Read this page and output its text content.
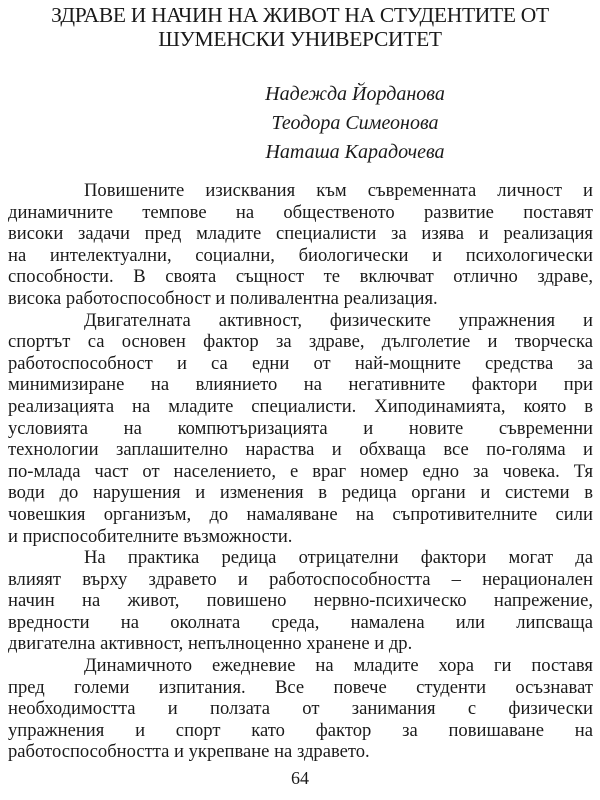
ЗДРАВЕ И НАЧИН НА ЖИВОТ НА СТУДЕНТИТЕ ОТ
ШУМЕНСКИ УНИВЕРСИТЕТ
Надежда Йорданова
Теодора Симеонова
Наташа Карадочева
Повишените изисквания към съвременната личност и
динамичните темпове на общественото развитие поставят
високи задачи пред младите специалисти за изява и реализация
на интелектуални, социални, биологически и психологически
способности. В своята същност те включват отлично здраве,
висока работоспособност и поливалентна реализация.
Двигателната активност, физическите упражнения и
спортът са основен фактор за здраве, дълголетие и творческа
работоспособност и са едни от най-мощните средства за
минимизиране на влиянието на негативните фактори при
реализацията на младите специалисти. Хиподинамията, която в
условията на компютъризацията и новите съвременни
технологии заплашително нараства и обхваща все по-голяма и
по-млада част от населението, е враг номер едно за човека. Тя
води до нарушения и изменения в редица органи и системи в
човешкия организъм, до намаляване на съпротивителните сили
и приспособителните възможности.
На практика редица отрицателни фактори могат да
влияят върху здравето и работоспособността – нерационален
начин на живот, повишено нервно-психическо напрежение,
вредности на околната среда, намалена или липсваща
двигателна активност, непълноценно хранене и др.
Динамичното ежедневие на младите хора ги поставя
пред големи изпитания. Все повече студенти осъзнават
необходимостта и ползата от занимания с физически
упражнения и спорт като фактор за повишаване на
работоспособността и укрепване на здравето.
64
